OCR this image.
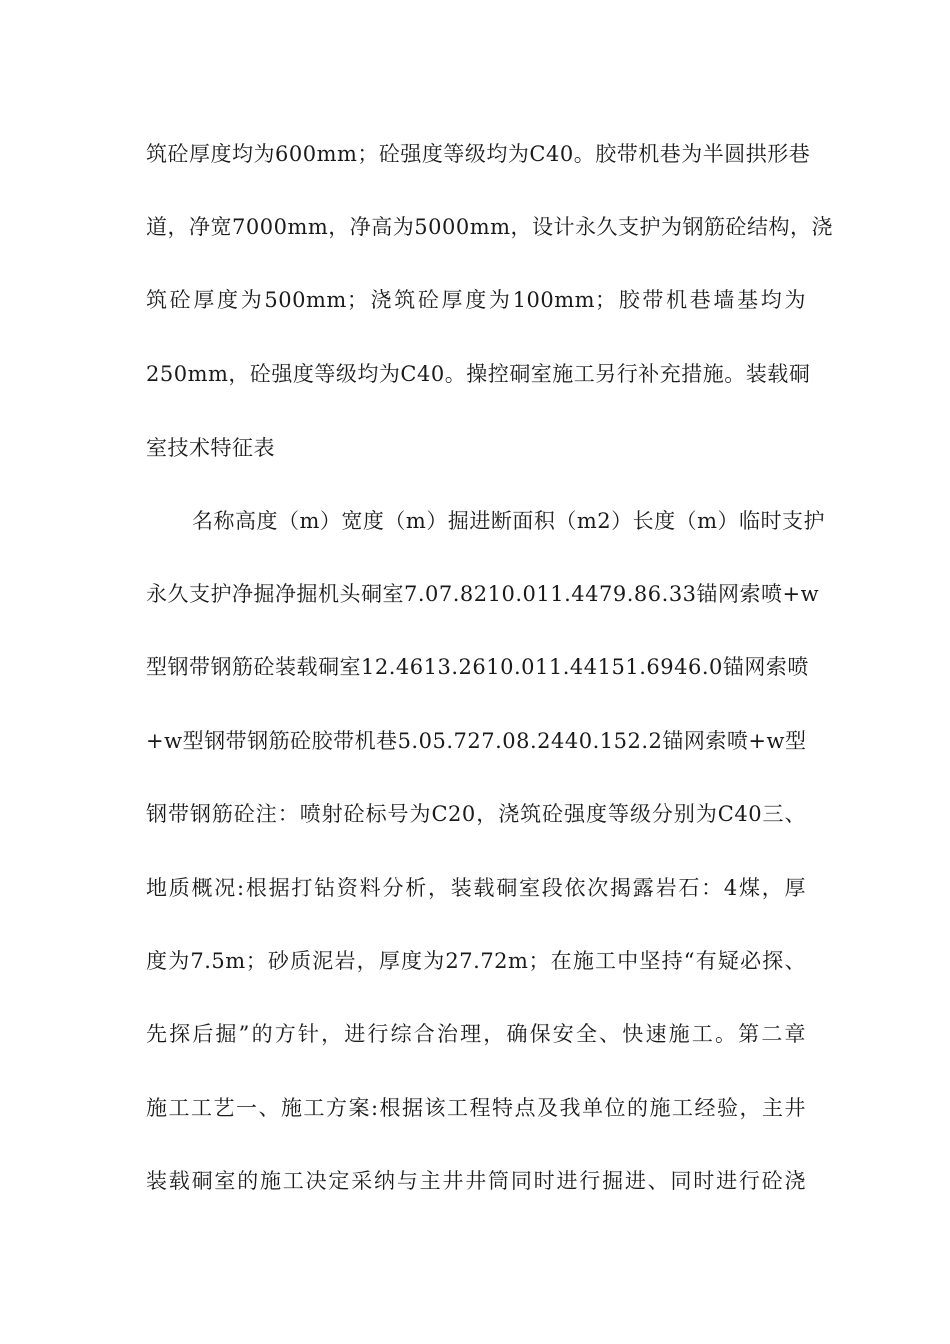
筑砼厚度均为600mm；砼强度等级均为C40。胶带机巷为半圆拱形巷
道，净宽7000mm，净高为5000mm，设计永久支护为钢筋砼结构，浇
筑砼厚度为500mm；浇筑砼厚度为100mm；胶带机巷墙基均为
250mm，砼强度等级均为C40。操控硐室施工另行补充措施。装载硐
室技术特征表
名称高度（m）宽度（m）掘进断面积（m2）长度（m）临时支护
永久支护净掘净掘机头硐室7.07.8210.011.4479.86.33锚网索喷+w
型钢带钢筋砼装载硐室12.4613.2610.011.44151.6946.0锚网索喷
+w型钢带钢筋砼胶带机巷5.05.727.08.2440.152.2锚网索喷+w型
钢带钢筋砼注：喷射砼标号为C20，浇筑砼强度等级分别为C40三、
地质概况:根据打钻资料分析，装载硐室段依次揭露岩石：4煤，厚
度为7.5m；砂质泥岩，厚度为27.72m；在施工中坚持“有疑必探、
先探后掘”的方针，进行综合治理，确保安全、快速施工。第二章
施工工艺一、施工方案:根据该工程特点及我单位的施工经验，主井
装载硐室的施工决定采纳与主井井筒同时进行掘进、同时进行砼浇
